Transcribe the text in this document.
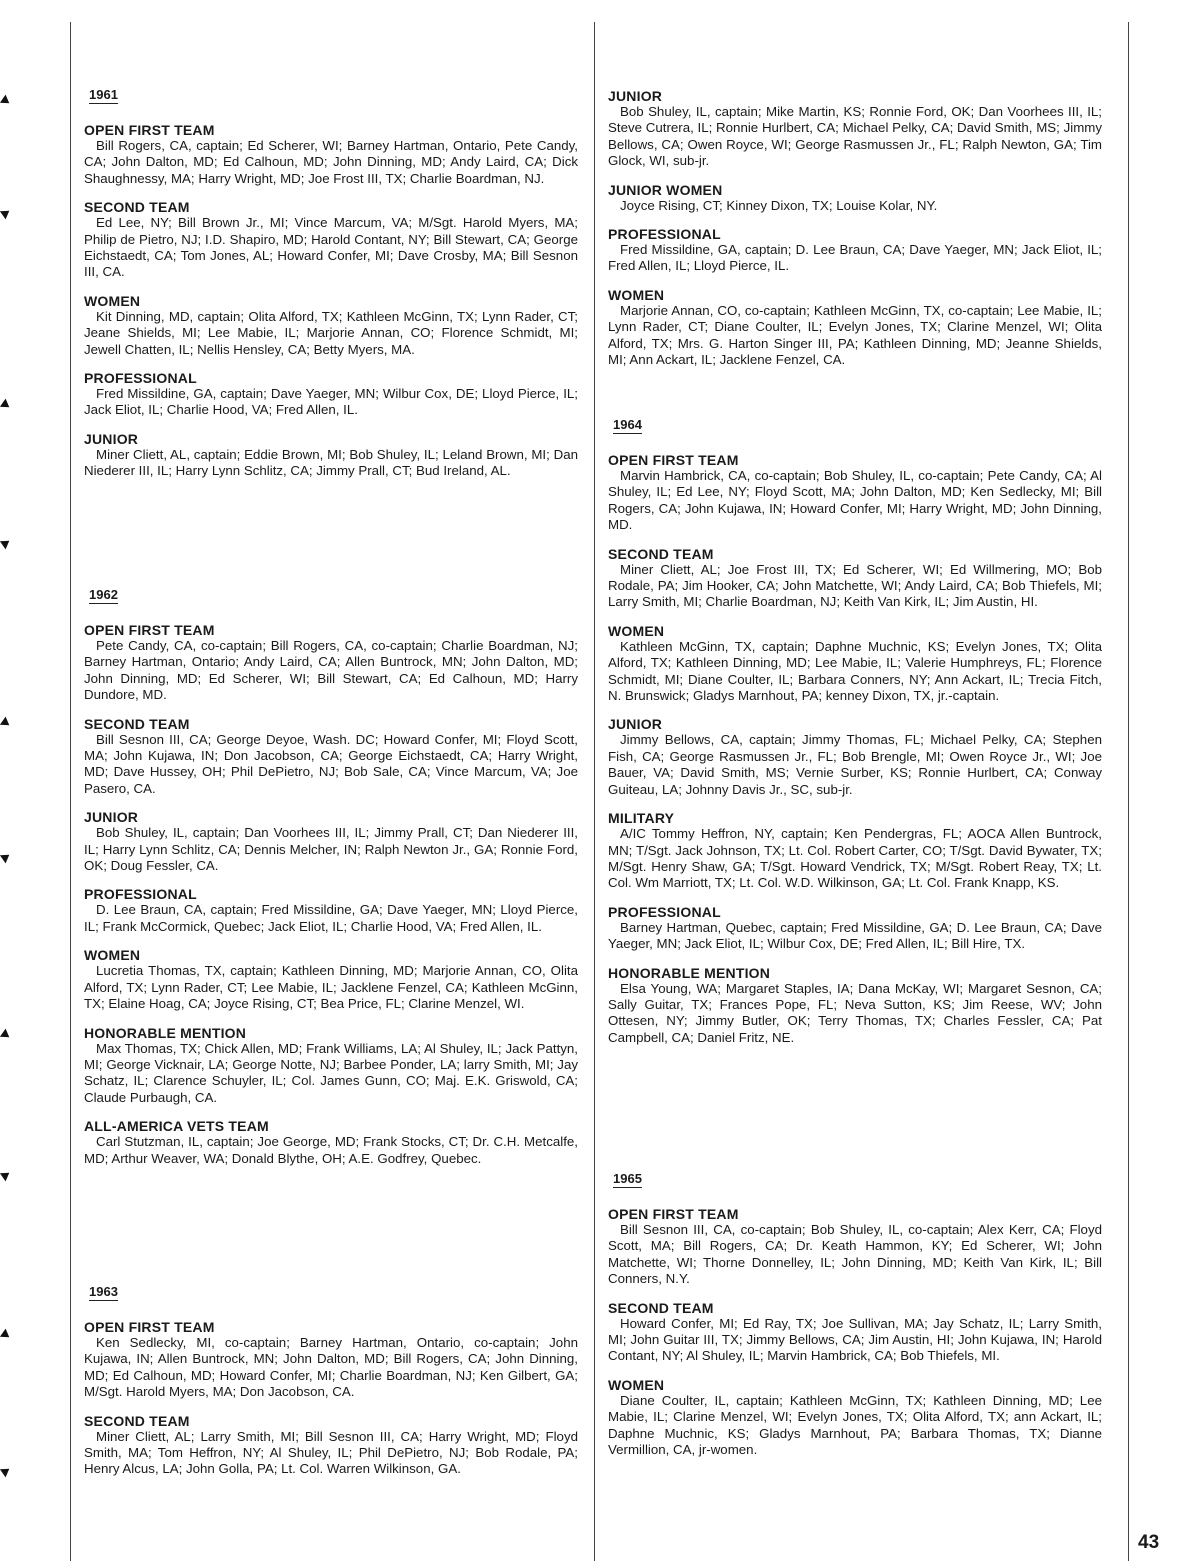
1961
OPEN FIRST TEAM

Bill Rogers, CA, captain; Ed Scherer, WI; Barney Hartman, Ontario, Pete Candy, CA; John Dalton, MD; Ed Calhoun, MD; John Dinning, MD; Andy Laird, CA; Dick Shaughnessy, MA; Harry Wright, MD; Joe Frost III, TX; Charlie Boardman, NJ.

SECOND TEAM

Ed Lee, NY; Bill Brown Jr., MI; Vince Marcum, VA; M/Sgt. Harold Myers, MA; Philip de Pietro, NJ; I.D. Shapiro, MD; Harold Contant, NY; Bill Stewart, CA; George Eichstaedt, CA; Tom Jones, AL; Howard Confer, MI; Dave Crosby, MA; Bill Sesnon III, CA.

WOMEN

Kit Dinning, MD, captain; Olita Alford, TX; Kathleen McGinn, TX; Lynn Rader, CT; Jeane Shields, MI; Lee Mabie, IL; Marjorie Annan, CO; Florence Schmidt, MI; Jewell Chatten, IL; Nellis Hensley, CA; Betty Myers, MA.

PROFESSIONAL

Fred Missildine, GA, captain; Dave Yaeger, MN; Wilbur Cox, DE; Lloyd Pierce, IL; Jack Eliot, IL; Charlie Hood, VA; Fred Allen, IL.

JUNIOR

Miner Cliett, AL, captain; Eddie Brown, MI; Bob Shuley, IL; Leland Brown, MI; Dan Niederer III, IL; Harry Lynn Schlitz, CA; Jimmy Prall, CT; Bud Ireland, AL.

1962
OPEN FIRST TEAM

Pete Candy, CA, co-captain; Bill Rogers, CA, co-captain; Charlie Boardman, NJ; Barney Hartman, Ontario; Andy Laird, CA; Allen Buntrock, MN; John Dalton, MD; John Dinning, MD; Ed Scherer, WI; Bill Stewart, CA; Ed Calhoun, MD; Harry Dundore, MD.

SECOND TEAM

Bill Sesnon III, CA; George Deyoe, Wash. DC; Howard Confer, MI; Floyd Scott, MA; John Kujawa, IN; Don Jacobson, CA; George Eichstaedt, CA; Harry Wright, MD; Dave Hussey, OH; Phil DePietro, NJ; Bob Sale, CA; Vince Marcum, VA; Joe Pasero, CA.

JUNIOR

Bob Shuley, IL, captain; Dan Voorhees III, IL; Jimmy Prall, CT; Dan Niederer III, IL; Harry Lynn Schlitz, CA; Dennis Melcher, IN; Ralph Newton Jr., GA; Ronnie Ford, OK; Doug Fessler, CA.

PROFESSIONAL

D. Lee Braun, CA, captain; Fred Missildine, GA; Dave Yaeger, MN; Lloyd Pierce, IL; Frank McCormick, Quebec; Jack Eliot, IL; Charlie Hood, VA; Fred Allen, IL.

WOMEN

Lucretia Thomas, TX, captain; Kathleen Dinning, MD; Marjorie Annan, CO, Olita Alford, TX; Lynn Rader, CT; Lee Mabie, IL; Jacklene Fenzel, CA; Kathleen McGinn, TX; Elaine Hoag, CA; Joyce Rising, CT; Bea Price, FL; Clarine Menzel, WI.

HONORABLE MENTION

Max Thomas, TX; Chick Allen, MD; Frank Williams, LA; Al Shuley, IL; Jack Pattyn, MI; George Vicknair, LA; George Notte, NJ; Barbee Ponder, LA; larry Smith, MI; Jay Schatz, IL; Clarence Schuyler, IL; Col. James Gunn, CO; Maj. E.K. Griswold, CA; Claude Purbaugh, CA.

ALL-AMERICA VETS TEAM

Carl Stutzman, IL, captain; Joe George, MD; Frank Stocks, CT; Dr. C.H. Metcalfe, MD; Arthur Weaver, WA; Donald Blythe, OH; A.E. Godfrey, Quebec.

1963
OPEN FIRST TEAM

Ken Sedlecky, MI, co-captain; Barney Hartman, Ontario, co-captain; John Kujawa, IN; Allen Buntrock, MN; John Dalton, MD; Bill Rogers, CA; John Dinning, MD; Ed Calhoun, MD; Howard Confer, MI; Charlie Boardman, NJ; Ken Gilbert, GA; M/Sgt. Harold Myers, MA; Don Jacobson, CA.

SECOND TEAM

Miner Cliett, AL; Larry Smith, MI; Bill Sesnon III, CA; Harry Wright, MD; Floyd Smith, MA; Tom Heffron, NY; Al Shuley, IL; Phil DePietro, NJ; Bob Rodale, PA; Henry Alcus, LA; John Golla, PA; Lt. Col. Warren Wilkinson, GA.

JUNIOR

Bob Shuley, IL, captain; Mike Martin, KS; Ronnie Ford, OK; Dan Voorhees III, IL; Steve Cutrera, IL; Ronnie Hurlbert, CA; Michael Pelky, CA; David Smith, MS; Jimmy Bellows, CA; Owen Royce, WI; George Rasmussen Jr., FL; Ralph Newton, GA; Tim Glock, WI, sub-jr.

JUNIOR WOMEN

Joyce Rising, CT; Kinney Dixon, TX; Louise Kolar, NY.

PROFESSIONAL

Fred Missildine, GA, captain; D. Lee Braun, CA; Dave Yaeger, MN; Jack Eliot, IL; Fred Allen, IL; Lloyd Pierce, IL.

WOMEN

Marjorie Annan, CO, co-captain; Kathleen McGinn, TX, co-captain; Lee Mabie, IL; Lynn Rader, CT; Diane Coulter, IL; Evelyn Jones, TX; Clarine Menzel, WI; Olita Alford, TX; Mrs. G. Harton Singer III, PA; Kathleen Dinning, MD; Jeanne Shields, MI; Ann Ackart, IL; Jacklene Fenzel, CA.

1964
OPEN FIRST TEAM

Marvin Hambrick, CA, co-captain; Bob Shuley, IL, co-captain; Pete Candy, CA; Al Shuley, IL; Ed Lee, NY; Floyd Scott, MA; John Dalton, MD; Ken Sedlecky, MI; Bill Rogers, CA; John Kujawa, IN; Howard Confer, MI; Harry Wright, MD; John Dinning, MD.

SECOND TEAM

Miner Cliett, AL; Joe Frost III, TX; Ed Scherer, WI; Ed Willmering, MO; Bob Rodale, PA; Jim Hooker, CA; John Matchette, WI; Andy Laird, CA; Bob Thiefels, MI; Larry Smith, MI; Charlie Boardman, NJ; Keith Van Kirk, IL; Jim Austin, HI.

WOMEN

Kathleen McGinn, TX, captain; Daphne Muchnic, KS; Evelyn Jones, TX; Olita Alford, TX; Kathleen Dinning, MD; Lee Mabie, IL; Valerie Humphreys, FL; Florence Schmidt, MI; Diane Coulter, IL; Barbara Conners, NY; Ann Ackart, IL; Trecia Fitch, N. Brunswick; Gladys Marnhout, PA; kenney Dixon, TX, jr.-captain.

JUNIOR

Jimmy Bellows, CA, captain; Jimmy Thomas, FL; Michael Pelky, CA; Stephen Fish, CA; George Rasmussen Jr., FL; Bob Brengle, MI; Owen Royce Jr., WI; Joe Bauer, VA; David Smith, MS; Vernie Surber, KS; Ronnie Hurlbert, CA; Conway Guiteau, LA; Johnny Davis Jr., SC, sub-jr.

MILITARY

A/IC Tommy Heffron, NY, captain; Ken Pendergras, FL; AOCA Allen Buntrock, MN; T/Sgt. Jack Johnson, TX; Lt. Col. Robert Carter, CO; T/Sgt. David Bywater, TX; M/Sgt. Henry Shaw, GA; T/Sgt. Howard Vendrick, TX; M/Sgt. Robert Reay, TX; Lt. Col. Wm Marriott, TX; Lt. Col. W.D. Wilkinson, GA; Lt. Col. Frank Knapp, KS.

PROFESSIONAL

Barney Hartman, Quebec, captain; Fred Missildine, GA; D. Lee Braun, CA; Dave Yaeger, MN; Jack Eliot, IL; Wilbur Cox, DE; Fred Allen, IL; Bill Hire, TX.

HONORABLE MENTION

Elsa Young, WA; Margaret Staples, IA; Dana McKay, WI; Margaret Sesnon, CA; Sally Guitar, TX; Frances Pope, FL; Neva Sutton, KS; Jim Reese, WV; John Ottesen, NY; Jimmy Butler, OK; Terry Thomas, TX; Charles Fessler, CA; Pat Campbell, CA; Daniel Fritz, NE.

1965
OPEN FIRST TEAM

Bill Sesnon III, CA, co-captain; Bob Shuley, IL, co-captain; Alex Kerr, CA; Floyd Scott, MA; Bill Rogers, CA; Dr. Keath Hammon, KY; Ed Scherer, WI; John Matchette, WI; Thorne Donnelley, IL; John Dinning, MD; Keith Van Kirk, IL; Bill Conners, N.Y.

SECOND TEAM

Howard Confer, MI; Ed Ray, TX; Joe Sullivan, MA; Jay Schatz, IL; Larry Smith, MI; John Guitar III, TX; Jimmy Bellows, CA; Jim Austin, HI; John Kujawa, IN; Harold Contant, NY; Al Shuley, IL; Marvin Hambrick, CA; Bob Thiefels, MI.

WOMEN

Diane Coulter, IL, captain; Kathleen McGinn, TX; Kathleen Dinning, MD; Lee Mabie, IL; Clarine Menzel, WI; Evelyn Jones, TX; Olita Alford, TX; ann Ackart, IL; Daphne Muchnic, KS; Gladys Marnhout, PA; Barbara Thomas, TX; Dianne Vermillion, CA, jr-women.

43
